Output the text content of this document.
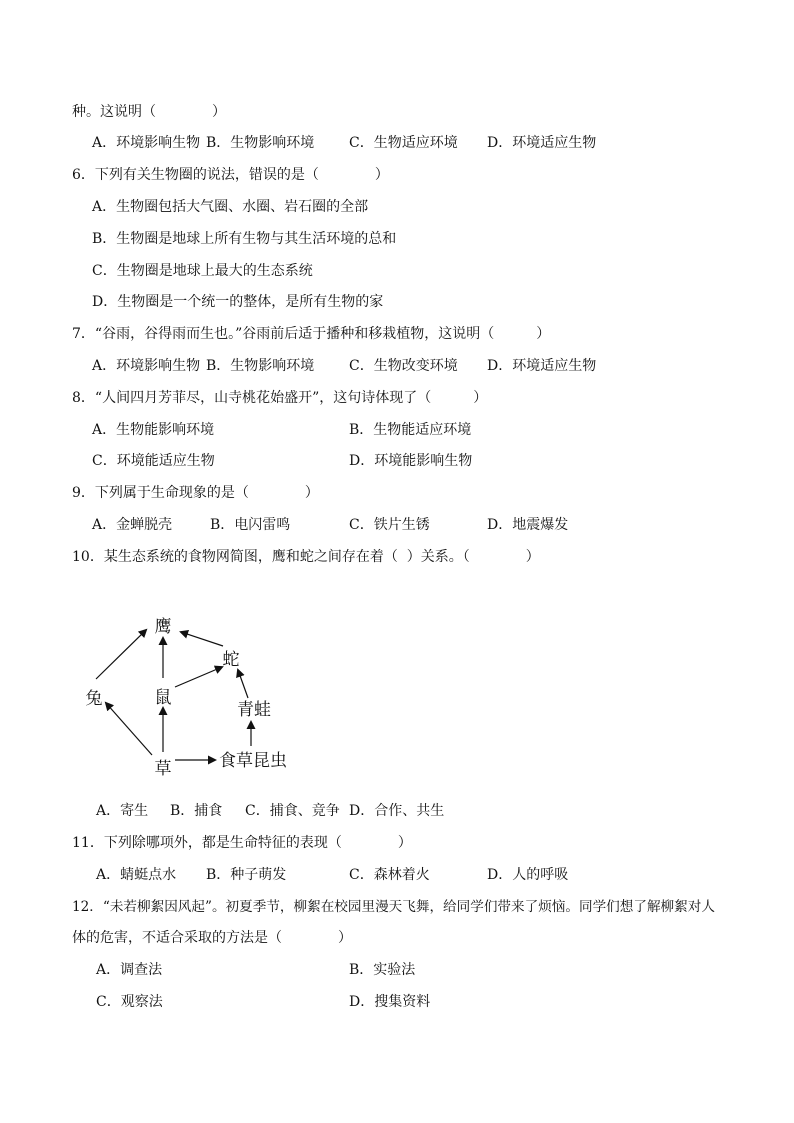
种。这说明（　　　　）
A．环境影响生物 B．生物影响环境 C．生物适应环境 D．环境适应生物
6．下列有关生物圈的说法，错误的是（　　　　）
A．生物圈包括大气圈、水圈、岩石圈的全部
B．生物圈是地球上所有生物与其生活环境的总和
C．生物圈是地球上最大的生态系统
D．生物圈是一个统一的整体，是所有生物的家
7．“谷雨，谷得雨而生也。”谷雨前后适于播种和移栽植物，这说明（　　　）
A．环境影响生物 B．生物影响环境 C．生物改变环境 D．环境适应生物
8．“人间四月芳菲尽，山寺桃花始盛开”，这句诗体现了（　　　）
A．生物能影响环境	B．生物能适应环境
C．环境能适应生物	D．环境能影响生物
9．下列属于生命现象的是（　　　　）
A．金蝉脱壳	B．电闪雷鸣	C．铁片生锈	D．地震爆发
10．某生态系统的食物网简图，鹰和蛇之间存在着（  ）关系。（　　　　）
鹰
蛇
兔	鼠
青蛙
草	食草昆虫
A．寄生 B．捕食 C．捕食、竞争 D．合作、共生
11．下列除哪项外，都是生命特征的表现（　　　　）
A．蜻蜓点水 B．种子萌发	C．森林着火	D．人的呼吸
12．“未若柳絮因风起”。初夏季节，柳絮在校园里漫天飞舞，给同学们带来了烦恼。同学们想了解柳絮对人
体的危害，不适合采取的方法是（　　　　）
A．调查法	B．实验法
C．观察法	D．搜集资料
